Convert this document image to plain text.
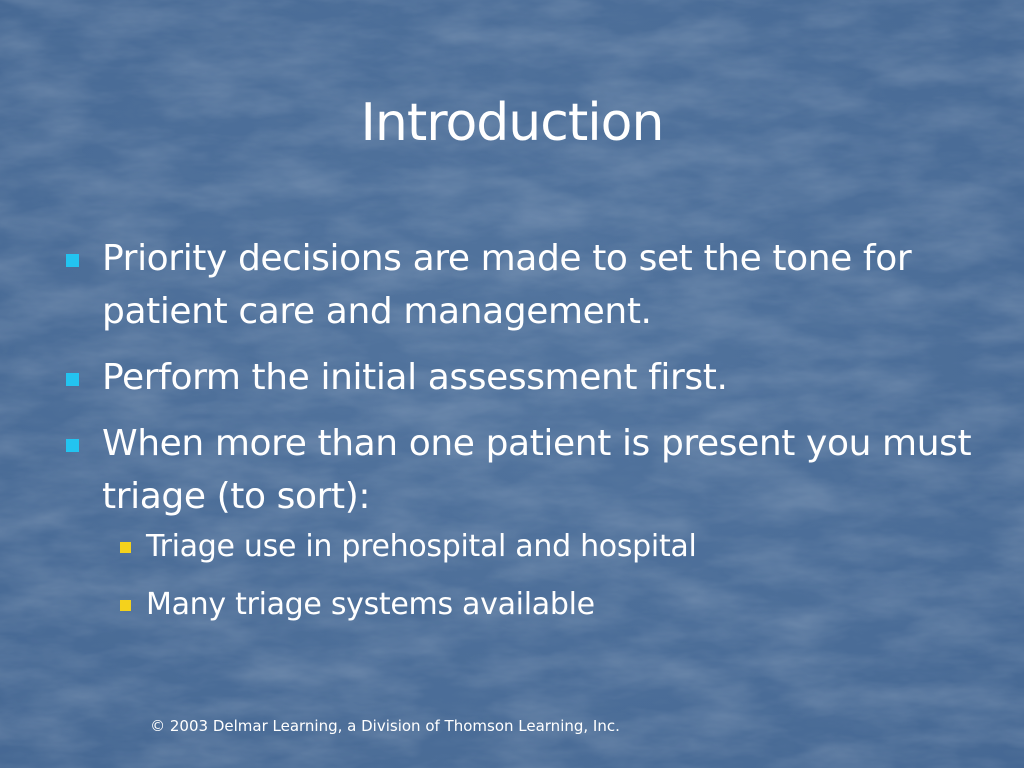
Introduction
Priority decisions are made to set the tone for patient care and management.
Perform the initial assessment first.
When more than one patient is present you must triage (to sort):
Triage use in prehospital and hospital
Many triage systems available
© 2003 Delmar Learning, a Division of Thomson Learning, Inc.
